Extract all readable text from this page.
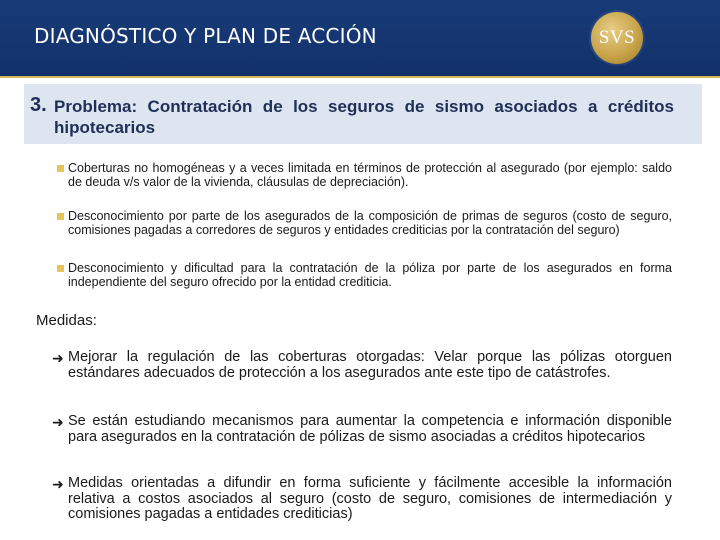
DIAGNÓSTICO Y PLAN DE ACCIÓN	SVS
3. Problema: Contratación de los seguros de sismo asociados a créditos hipotecarios
Coberturas no homogéneas y a veces limitada en términos de protección al asegurado (por ejemplo: saldo de deuda v/s valor de la vivienda, cláusulas de depreciación).
Desconocimiento por parte de los asegurados de la composición de primas de seguros (costo de seguro, comisiones pagadas a corredores de seguros y entidades crediticias por la contratación del seguro)
Desconocimiento y dificultad para la contratación de la póliza por parte de los asegurados en forma independiente del seguro ofrecido por la entidad crediticia.
Medidas:
➜ Mejorar la regulación de las coberturas otorgadas: Velar porque las pólizas otorguen estándares adecuados de protección a los asegurados ante este tipo de catástrofes.
➜ Se están estudiando mecanismos para aumentar la competencia e información disponible para asegurados en la contratación de pólizas de sismo asociadas a créditos hipotecarios
➜ Medidas orientadas a difundir en forma suficiente y fácilmente accesible la información relativa a costos asociados al seguro (costo de seguro, comisiones de intermediación y comisiones pagadas a entidades crediticias)
